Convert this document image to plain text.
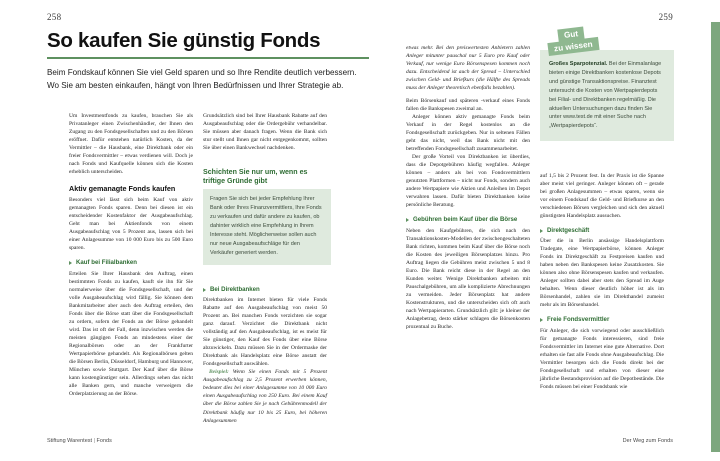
258	259
So kaufen Sie günstig Fonds
Beim Fondskauf können Sie viel Geld sparen und so Ihre Rendite deutlich verbessern. Wo Sie am besten einkaufen, hängt von Ihren Bedürfnissen und Ihrer Strategie ab.

Um Investmentfonds zu kaufen, brauchen Sie als Privatanleger einen Zwischenhändler, der Ihnen den Zugang zu den Fondsgesellschaften und zu den Börsen eröffnet. Dafür entstehen natürlich Kosten, da der Vermittler – die Hausbank, eine Direktbank oder ein freier Fondsvermittler – etwas verdienen will. Doch je nach Fonds und Kaufquelle können sich die Kosten erheblich unterscheiden.

Aktiv gemanagte Fonds kaufen

Besonders viel lässt sich beim Kauf von aktiv gemanagten Fonds sparen. Denn bei diesen ist ein entscheidender Kostenfaktor der Ausgabeaufschlag. Geht man bei Aktienfonds von einem Ausgabeaufschlag von 5 Prozent aus, lassen sich bei einer Anlagesumme von 10 000 Euro bis zu 500 Euro sparen.

Kauf bei Filialbanken

Erteilen Sie Ihrer Hausbank den Auftrag, einen bestimmten Fonds zu kaufen, kauft sie ihn für Sie normalerweise über die Fondsgesellschaft, und der volle Ausgabeaufschlag wird fällig. Sie können dem Bankmitarbeiter aber auch den Auftrag erteilen, den Fonds über die Börse statt über die Fondsgesellschaft zu ordern, sofern der Fonds an der Börse gehandelt wird. Das ist oft der Fall, denn inzwischen werden die meisten gängigen Fonds an mindestens einer der Regionalbörsen oder an der Frankfurter Wertpapierbörse gehandelt. Als Regionalbörsen gelten die Börsen Berlin, Düsseldorf, Hamburg und Hannover, München sowie Stuttgart. Der Kauf über die Börse kann kostengünstiger sein. Allerdings sehen das nicht alle Banken gern, und manche verweigern die Orderplatzierung an der Börse.

Grundsätzlich sind bei Ihrer Hausbank Rabatte auf den Ausgabeaufschlag oder die Ordergebühr verhandelbar. Sie müssen aber danach fragen. Wenn die Bank sich stur stellt und Ihnen gar nicht entgegenkommt, sollten Sie über einen Bankwechsel nachdenken.

Schichten Sie nur um, wenn es triftige Gründe gibt
Fragen Sie sich bei jeder Empfehlung Ihrer Bank oder Ihres Finanzvermittlers, Ihre Fonds zu verkaufen und dafür andere zu kaufen, ob dahinter wirklich eine Empfehlung in Ihrem Interesse steht. Möglicherweise sollen auch nur neue Ausgabeaufschläge für den Verkäufer generiert werden.
Bei Direktbanken

Direktbanken im Internet bieten für viele Fonds Rabatte auf den Ausgabeaufschlag von meist 50 Prozent an. Bei manchen Fonds verzichten sie sogar ganz darauf. Verzichtet die Direktbank nicht vollständig auf den Ausgabeaufschlag, ist es meist für Sie günstiger, den Kauf des Fonds über eine Börse abzuwickeln. Dazu müssen Sie in der Ordermaske der Direktbank als Handelsplatz eine Börse anstatt der Fondsgesellschaft auswählen.

Beispiel: Wenn Sie einen Fonds mit 5 Prozent Ausgabeaufschlag zu 2,5 Prozent erwerben können, bedeutet dies bei einer Anlagesumme von 10 000 Euro einen Ausgabeaufschlag von 250 Euro. Bei einem Kauf über die Börse zahlen Sie je nach Gebührenmodell der Direktbank häufig nur 10 bis 25 Euro, bei höheren Anlagesummen

etwas mehr. Bei den preiswertesten Anbietern zahlen Anleger mitunter pauschal nur 5 Euro pro Kauf oder Verkauf, nur wenige Euro Börsenspesen kommen noch dazu. Entscheidend ist auch der Spread – Unterschied zwischen Geld- und Briefkurs (die Hälfte des Spreads muss der Anleger theoretisch ebenfalls bezahlen).

Beim Börsenkauf und späteren -verkauf eines Fonds fallen die Bankspesen zweimal an.

Anleger können aktiv gemanagte Fonds beim Verkauf in der Regel kostenlos an die Fondsgesellschaft zurückgeben. Nur in seltenen Fällen geht das nicht, weil das Bank nicht mit den betreffenden Fondsgesellschaft zusammenarbeitet.

Der große Vorteil von Direktbanken ist überdies, dass die Depotgebühren häufig wegfallen. Anleger können – anders als bei von Fondsvermittlern genutzten Plattformen – nicht nur Fonds, sondern auch andere Wertpapiere wie Aktien und Anleihen im Depot verwahren lassen. Dafür bieten Direktbanken keine persönliche Beratung.

Gebühren beim Kauf über die Börse

Neben den Kaufgebühren, die sich nach den Transaktionskosten-Modellen der zwischengeschalteten Bank richten, kommen beim Kauf über die Börse noch die Kosten des jeweiligen Börsenplatzes hinzu. Pro Auftrag liegen die Gebühren meist zwischen 5 und 8 Euro. Die Bank reicht diese in der Regel an den Kunden weiter. Wenige Direktbanken arbeiten mit Pauschalgebühren, um alle komplizierte Abrechnungen zu vermeiden. Jeder Börsenplatz hat andere Kostenstrukturen, und die unterscheiden sich oft auch nach Wertpapierarten. Grundsätzlich gilt: je kleiner der Anlagebetrag, desto stärker schlagen die Börsenkosten prozentual zu Buche.

Gut
zu wissen
Großes Sparpotenzial. Bei der Einmalanlage bieten einige Direktbanken kostenlose Depots und günstige Transaktionspreise. Finanztest untersucht die Kosten von Wertpapierdepots bei Filial- und Direktbanken regelmäßig. Die aktuellen Untersuchungen dazu finden Sie unter www.test.de mit einer Suche nach „Wertpapierdepots“.

auf 1,5 bis 2 Prozent fest. In der Praxis ist die Spanne aber meist viel geringer. Anleger können oft – gerade bei großen Anlagesummen – etwas sparen, wenn sie vor einem Fondskauf die Geld- und Briefkurse an den verschiedenen Börsen vergleichen und sich den aktuell günstigsten Handelsplatz aussuchen.

Direktgeschäft

Über die in Berlin ansässige Handelsplattform Tradegate, eine Wertpapierbörse, können Anleger Fonds im Direktgeschäft zu Festpreisen kaufen und haben neben den Bankspesen keine Zusatzkosten. Sie können also ohne Börsenspesen kaufen und verkaufen. Anleger sollten dabei aber stets den Spread im Auge behalten. Wenn dieser deutlich höher ist als im Börsenhandel, zahlen sie im Direkthandel zumeist mehr als im Börsenhandel.

Freie Fondsvermittler

Für Anleger, die sich vorwiegend oder ausschließlich für gemanagte Fonds interessieren, sind freie Fondsvermittler im Internet eine gute Alternative. Dort erhalten sie fast alle Fonds ohne Ausgabeaufschlag. Die Vermittler besorgen sich die Fonds direkt bei der Fondsgesellschaft und erhalten von dieser eine jährliche Bestandsprovision auf die Depotbestände. Die Fonds müssen bei einer Fondsbank wie

Stiftung Warentest | Fonds	Der Weg zum Fonds
